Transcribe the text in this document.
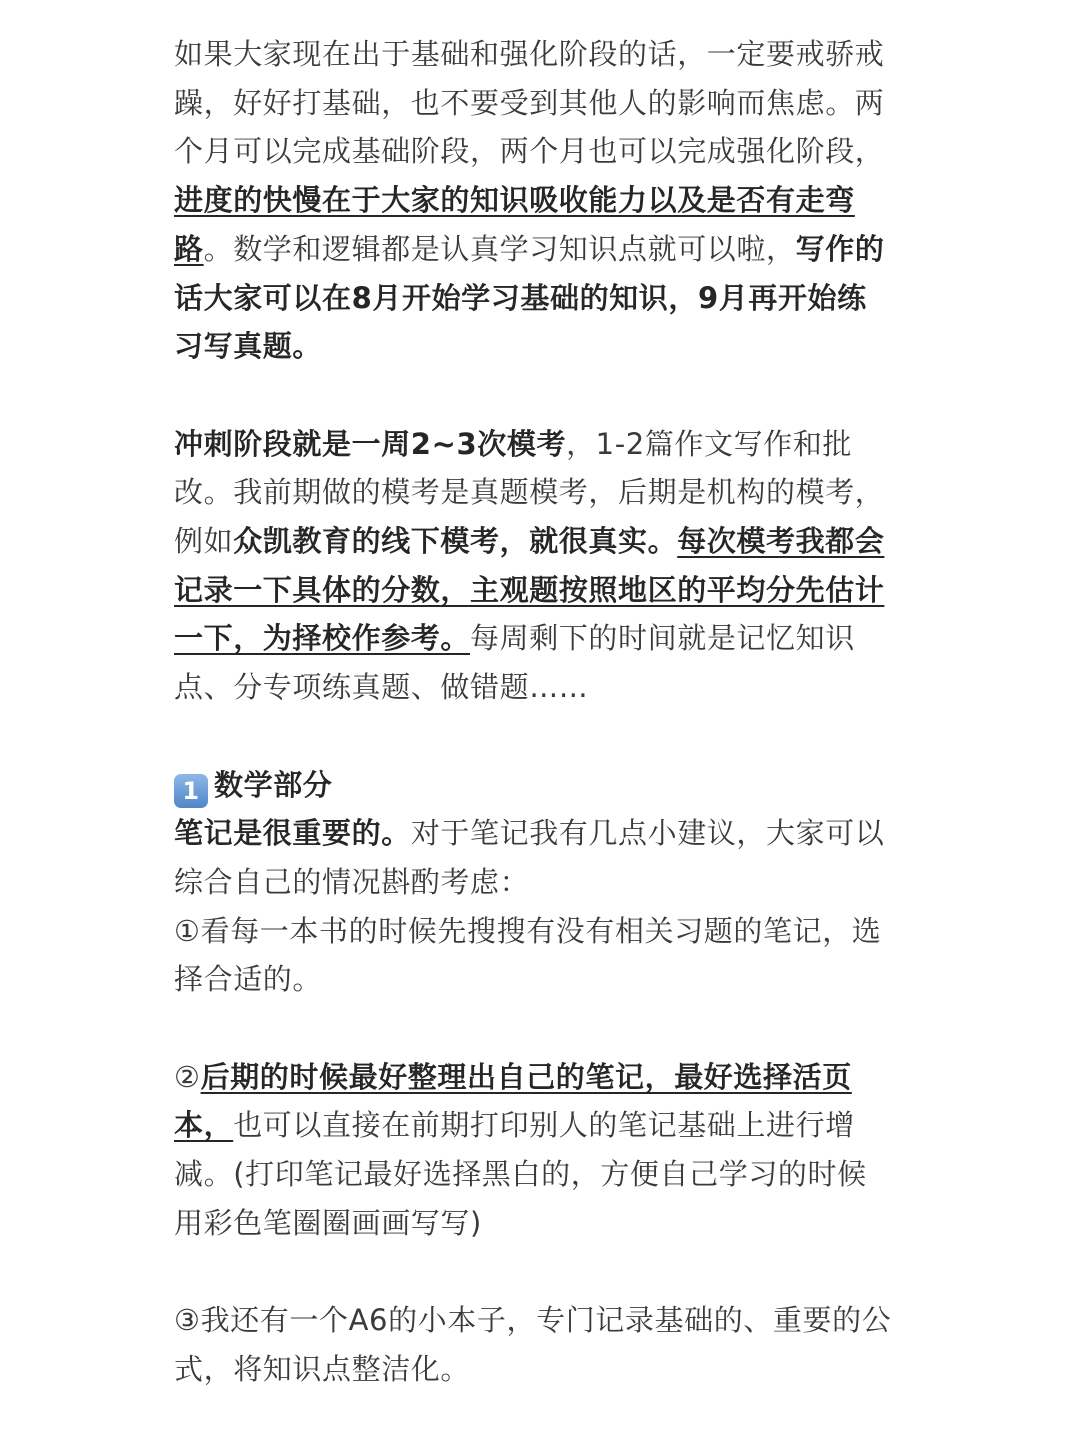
如果大家现在出于基础和强化阶段的话，一定要戒骄戒躁，好好打基础，也不要受到其他人的影响而焦虑。两个月可以完成基础阶段，两个月也可以完成强化阶段，进度的快慢在于大家的知识吸收能力以及是否有走弯路。数学和逻辑都是认真学习知识点就可以啦，写作的话大家可以在8月开始学习基础的知识，9月再开始练习写真题。

冲刺阶段就是一周2~3次模考，1-2篇作文写作和批改。我前期做的模考是真题模考，后期是机构的模考，例如众凯教育的线下模考，就很真实。每次模考我都会记录一下具体的分数，主观题按照地区的平均分先估计一下，为择校作参考。每周剩下的时间就是记忆知识点、分专项练真题、做错题……

1 数学部分

笔记是很重要的。对于笔记我有几点小建议，大家可以综合自己的情况斟酌考虑：

①看每一本书的时候先搜搜有没有相关习题的笔记，选择合适的。

②后期的时候最好整理出自己的笔记，最好选择活页本，也可以直接在前期打印别人的笔记基础上进行增减。(打印笔记最好选择黑白的，方便自己学习的时候用彩色笔圈圈画画写写)

③我还有一个A6的小本子，专门记录基础的、重要的公式，将知识点整洁化。
